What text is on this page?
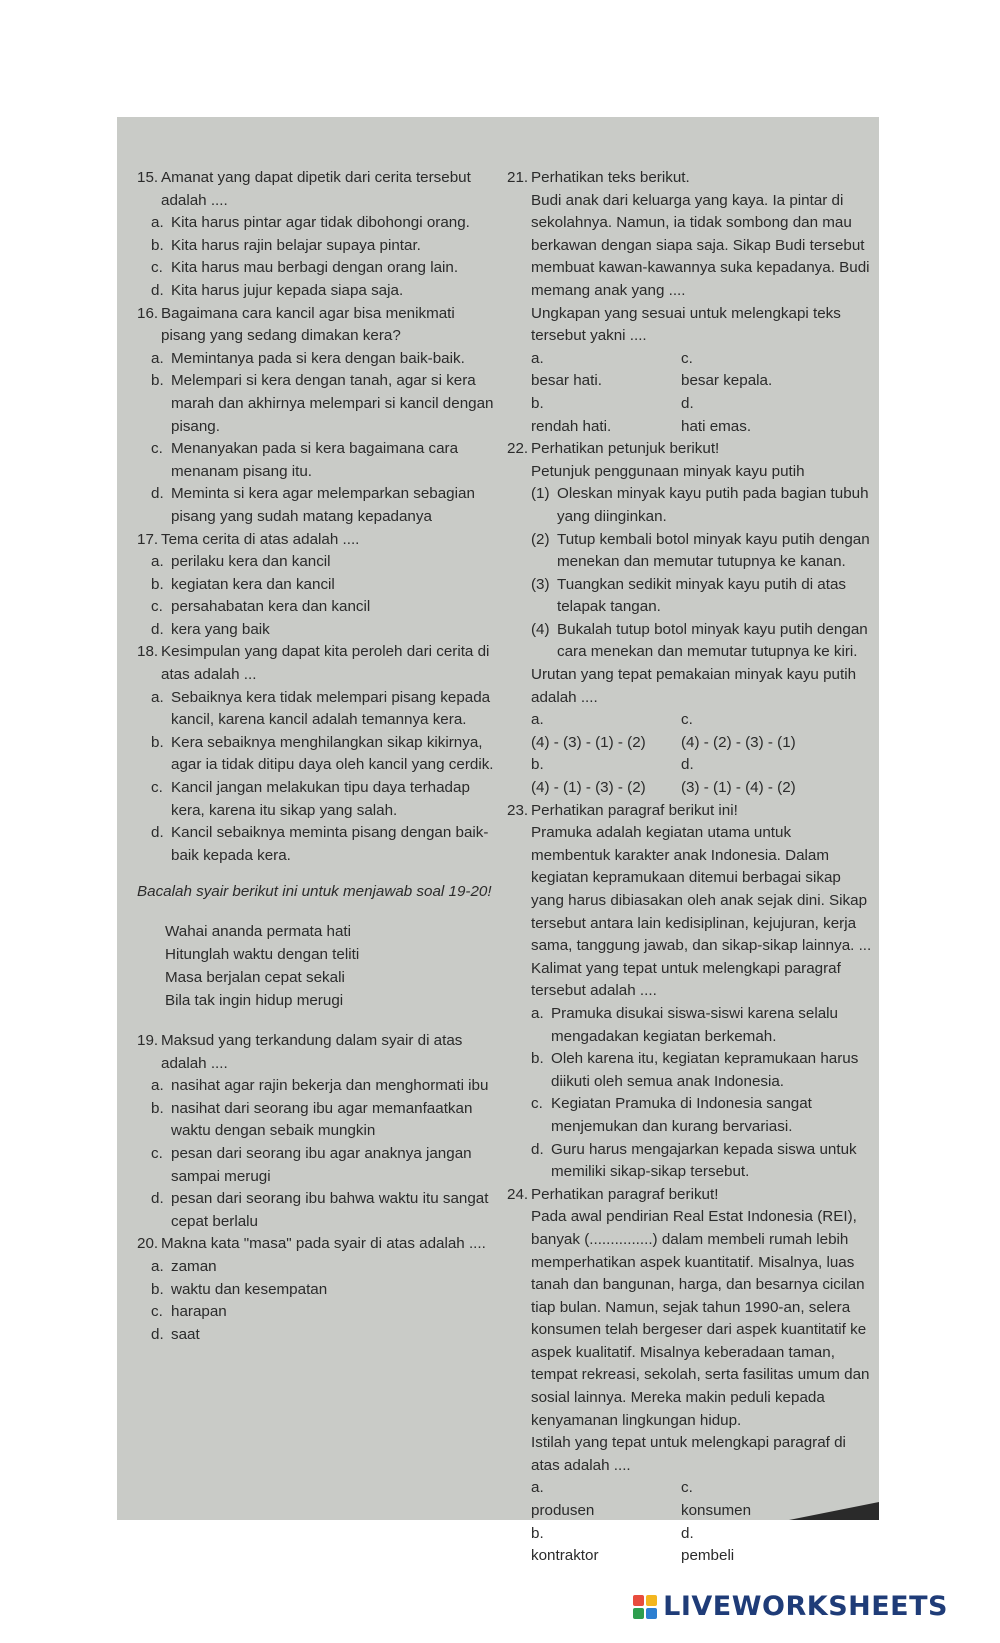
15. Amanat yang dapat dipetik dari cerita tersebut adalah ....
a. Kita harus pintar agar tidak dibohongi orang.
b. Kita harus rajin belajar supaya pintar.
c. Kita harus mau berbagi dengan orang lain.
d. Kita harus jujur kepada siapa saja.
16. Bagaimana cara kancil agar bisa menikmati pisang yang sedang dimakan kera?
a. Memintanya pada si kera dengan baik-baik.
b. Melempari si kera dengan tanah, agar si kera marah dan akhirnya melempari si kancil dengan pisang.
c. Menanyakan pada si kera bagaimana cara menanam pisang itu.
d. Meminta si kera agar melemparkan sebagian pisang yang sudah matang kepadanya
17. Tema cerita di atas adalah ....
a. perilaku kera dan kancil
b. kegiatan kera dan kancil
c. persahabatan kera dan kancil
d. kera yang baik
18. Kesimpulan yang dapat kita peroleh dari cerita di atas adalah ...
a. Sebaiknya kera tidak melempari pisang kepada kancil, karena kancil adalah temannya kera.
b. Kera sebaiknya menghilangkan sikap kikirnya, agar ia tidak ditipu daya oleh kancil yang cerdik.
c. Kancil jangan melakukan tipu daya terhadap kera, karena itu sikap yang salah.
d. Kancil sebaiknya meminta pisang dengan baik-baik kepada kera.
Bacalah syair berikut ini untuk menjawab soal 19-20!
Wahai ananda permata hati
Hitunglah waktu dengan teliti
Masa berjalan cepat sekali
Bila tak ingin hidup merugi
19. Maksud yang terkandung dalam syair di atas adalah ....
a. nasihat agar rajin bekerja dan menghormati ibu
b. nasihat dari seorang ibu agar memanfaatkan waktu dengan sebaik mungkin
c. pesan dari seorang ibu agar anaknya jangan sampai merugi
d. pesan dari seorang ibu bahwa waktu itu sangat cepat berlalu
20. Makna kata "masa" pada syair di atas adalah ....
a. zaman
b. waktu dan kesempatan
c. harapan
d. saat
21. Perhatikan teks berikut.
Budi anak dari keluarga yang kaya. Ia pintar di sekolahnya. Namun, ia tidak sombong dan mau berkawan dengan siapa saja. Sikap Budi tersebut membuat kawan-kawannya suka kepadanya. Budi memang anak yang ....
Ungkapan yang sesuai untuk melengkapi teks tersebut yakni ....
a.
besar hati.
c.
besar kepala.
b.
rendah hati.
d.
hati emas.
22. Perhatikan petunjuk berikut!
Petunjuk penggunaan minyak kayu putih
(1) Oleskan minyak kayu putih pada bagian tubuh yang diinginkan.
(2) Tutup kembali botol minyak kayu putih dengan menekan dan memutar tutupnya ke kanan.
(3) Tuangkan sedikit minyak kayu putih di atas telapak tangan.
(4) Bukalah tutup botol minyak kayu putih dengan cara menekan dan memutar tutupnya ke kiri.
Urutan yang tepat pemakaian minyak kayu putih adalah ....
a.
(4) - (3) - (1) - (2)
c.
(4) - (2) - (3) - (1)
b.
(4) - (1) - (3) - (2)
d.
(3) - (1) - (4) - (2)
23. Perhatikan paragraf berikut ini!
Pramuka adalah kegiatan utama untuk membentuk karakter anak Indonesia. Dalam kegiatan kepramukaan ditemui berbagai sikap yang harus dibiasakan oleh anak sejak dini. Sikap tersebut antara lain kedisiplinan, kejujuran, kerja sama, tanggung jawab, dan sikap-sikap lainnya. ...
Kalimat yang tepat untuk melengkapi paragraf tersebut adalah ....
a. Pramuka disukai siswa-siswi karena selalu mengadakan kegiatan berkemah.
b. Oleh karena itu, kegiatan kepramukaan harus diikuti oleh semua anak Indonesia.
c. Kegiatan Pramuka di Indonesia sangat menjemukan dan kurang bervariasi.
d. Guru harus mengajarkan kepada siswa untuk memiliki sikap-sikap tersebut.
24. Perhatikan paragraf berikut!
Pada awal pendirian Real Estat Indonesia (REI), banyak (...............) dalam membeli rumah lebih memperhatikan aspek kuantitatif. Misalnya, luas tanah dan bangunan, harga, dan besarnya cicilan tiap bulan. Namun, sejak tahun 1990-an, selera konsumen telah bergeser dari aspek kuantitatif ke aspek kualitatif. Misalnya keberadaan taman, tempat rekreasi, sekolah, serta fasilitas umum dan sosial lainnya. Mereka makin peduli kepada kenyamanan lingkungan hidup.
Istilah yang tepat untuk melengkapi paragraf di atas adalah ....
a.
produsen
c.
konsumen
b.
kontraktor
d.
pembeli
LIVEWORKSHEETS
